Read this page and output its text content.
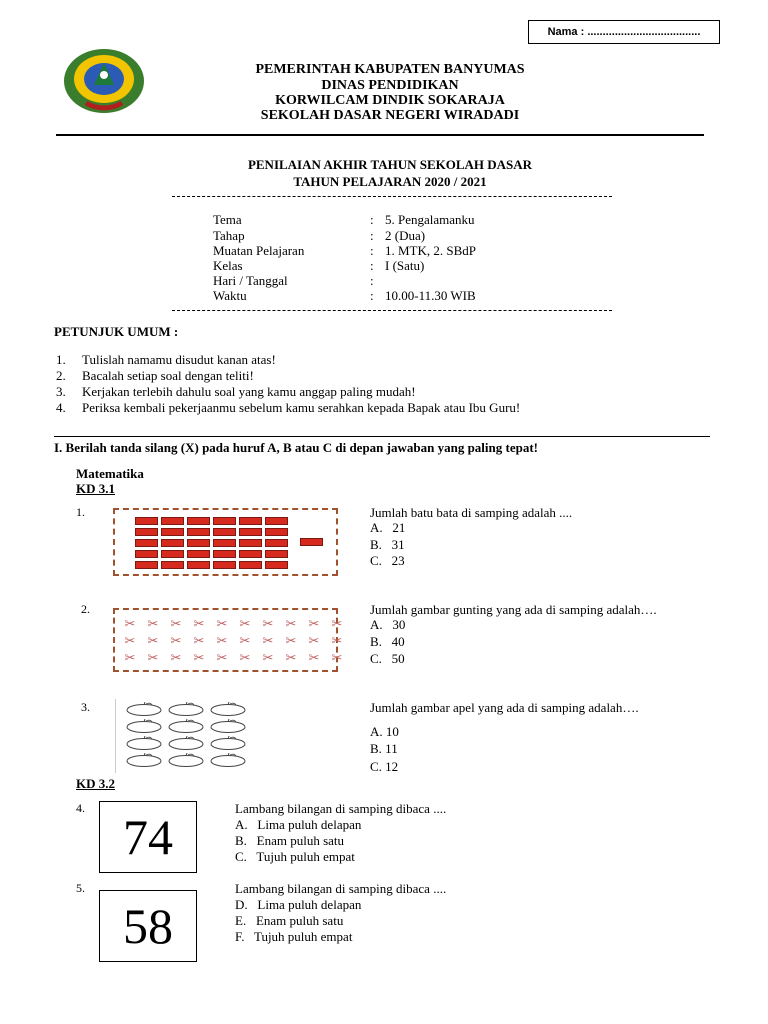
Nama : .....................................
PEMERINTAH KABUPATEN BANYUMAS
DINAS PENDIDIKAN
KORWILCAM DINDIK SOKARAJA
SEKOLAH DASAR NEGERI WIRADADI
PENILAIAN AKHIR TAHUN SEKOLAH DASAR
TAHUN PELAJARAN 2020 / 2021
Tema	: 5. Pengalamanku
Tahap	: 2 (Dua)
Muatan Pelajaran	: 1. MTK, 2. SBdP
Kelas	: I (Satu)
Hari / Tanggal	:
Waktu	: 10.00-11.30 WIB
PETUNJUK UMUM :
1. Tulislah namamu disudut kanan atas!
2. Bacalah setiap soal dengan teliti!
3. Kerjakan terlebih dahulu soal yang kamu anggap paling mudah!
4. Periksa kembali pekerjaanmu sebelum kamu serahkan kepada Bapak atau Ibu Guru!
I. Berilah tanda silang (X) pada huruf A, B atau C di depan jawaban yang paling tepat!
Matematika
KD 3.1
1.	Jumlah batu bata di samping adalah ....
A.   21
B.   31
C.   23
2.
✂ ✂ ✂ ✂ ✂ ✂ ✂ ✂ ✂ ✂
✂ ✂ ✂ ✂ ✂ ✂ ✂ ✂ ✂ ✂
✂ ✂ ✂ ✂ ✂ ✂ ✂ ✂ ✂ ✂
Jumlah gambar gunting yang ada di samping adalah….
A.   30
B.   40
C.   50
3.	Jumlah gambar apel yang ada di samping adalah….
A. 10
B. 11
C. 12
KD 3.2
4.
74
Lambang bilangan di samping dibaca ....
A.   Lima puluh delapan
B.   Enam puluh satu
C.   Tujuh puluh empat
5.
58
Lambang bilangan di samping dibaca ....
D.   Lima puluh delapan
E.   Enam puluh satu
F.   Tujuh puluh empat
